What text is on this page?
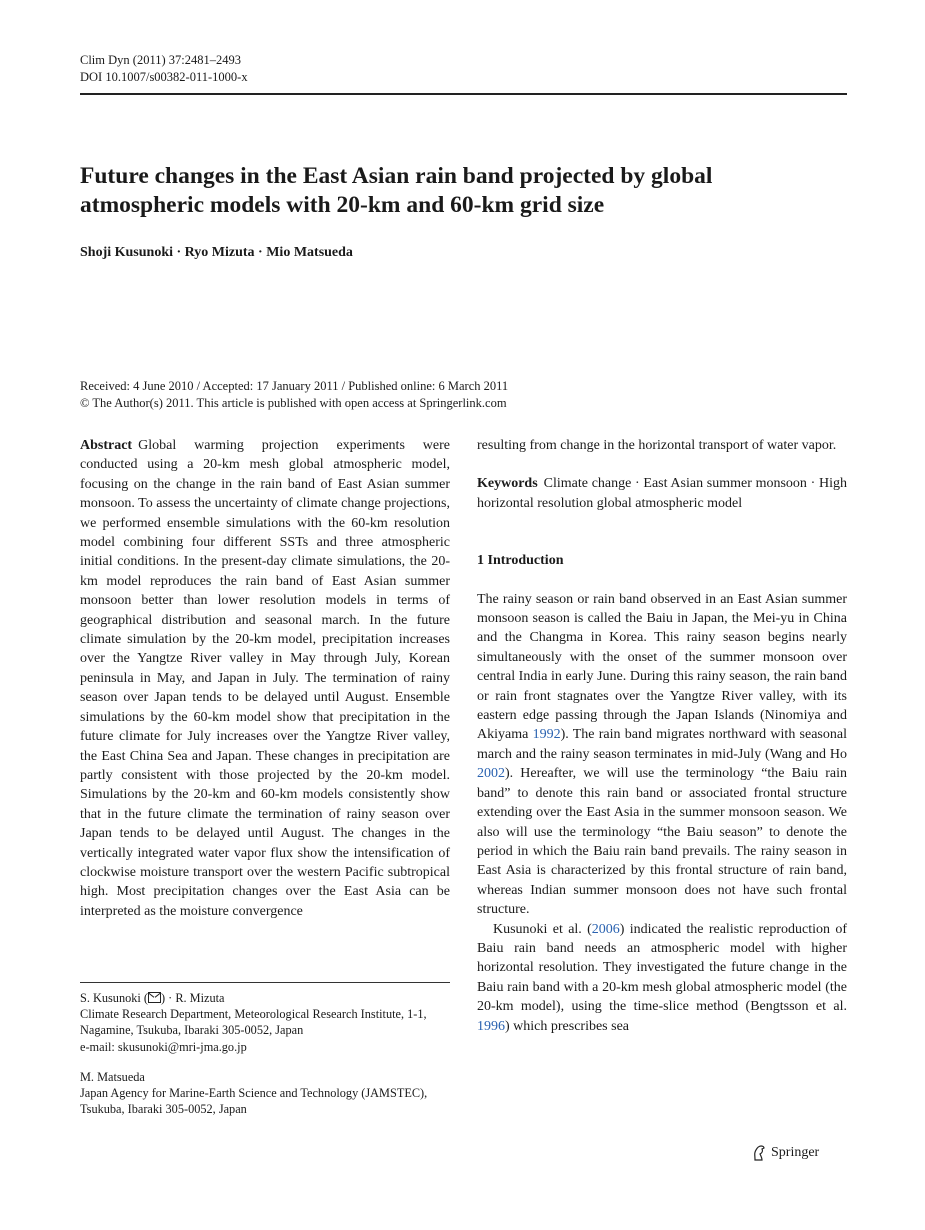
Clim Dyn (2011) 37:2481–2493
DOI 10.1007/s00382-011-1000-x
Future changes in the East Asian rain band projected by global atmospheric models with 20-km and 60-km grid size
Shoji Kusunoki · Ryo Mizuta · Mio Matsueda
Received: 4 June 2010 / Accepted: 17 January 2011 / Published online: 6 March 2011
© The Author(s) 2011. This article is published with open access at Springerlink.com

Abstract Global warming projection experiments were conducted using a 20-km mesh global atmospheric model, focusing on the change in the rain band of East Asian summer monsoon. To assess the uncertainty of climate change projections, we performed ensemble simulations with the 60-km resolution model combining four different SSTs and three atmospheric initial conditions. In the present-day climate simulations, the 20-km model reproduces the rain band of East Asian summer monsoon better than lower resolution models in terms of geographical distribution and seasonal march. In the future climate simulation by the 20-km model, precipitation increases over the Yangtze River valley in May through July, Korean peninsula in May, and Japan in July. The termination of rainy season over Japan tends to be delayed until August. Ensemble simulations by the 60-km model show that precipitation in the future climate for July increases over the Yangtze River valley, the East China Sea and Japan. These changes in precipitation are partly consistent with those projected by the 20-km model. Simulations by the 20-km and 60-km models consistently show that in the future climate the termination of rainy season over Japan tends to be delayed until August. The changes in the vertically integrated water vapor flux show the intensification of clockwise moisture transport over the western Pacific subtropical high. Most precipitation changes over the East Asia can be interpreted as the moisture convergence

S. Kusunoki ( ) · R. Mizuta

Climate Research Department, Meteorological Research Institute, 1-1, Nagamine, Tsukuba, Ibaraki 305-0052, Japan

e-mail: skusunoki@mri-jma.go.jp

M. Matsueda

Japan Agency for Marine-Earth Science and Technology (JAMSTEC), Tsukuba, Ibaraki 305-0052, Japan

resulting from change in the horizontal transport of water vapor.

Keywords Climate change · East Asian summer monsoon · High horizontal resolution global atmospheric model

1 Introduction

The rainy season or rain band observed in an East Asian summer monsoon season is called the Baiu in Japan, the Mei-yu in China and the Changma in Korea. This rainy season begins nearly simultaneously with the onset of the summer monsoon over central India in early June. During this rainy season, the rain band or rain front stagnates over the Yangtze River valley, with its eastern edge passing through the Japan Islands (Ninomiya and Akiyama 1992). The rain band migrates northward with seasonal march and the rainy season terminates in mid-July (Wang and Ho 2002). Hereafter, we will use the terminology “the Baiu rain band” to denote this rain band or associated frontal structure extending over the East Asia in the summer monsoon season. We also will use the terminology “the Baiu season” to denote the period in which the Baiu rain band prevails. The rainy season in East Asia is characterized by this frontal structure of rain band, whereas Indian summer monsoon does not have such frontal structure.

Kusunoki et al. (2006) indicated the realistic reproduction of Baiu rain band needs an atmospheric model with higher horizontal resolution. They investigated the future change in the Baiu rain band with a 20-km mesh global atmospheric model (the 20-km model), using the time-slice method (Bengtsson et al. 1996) which prescribes sea

Springer
